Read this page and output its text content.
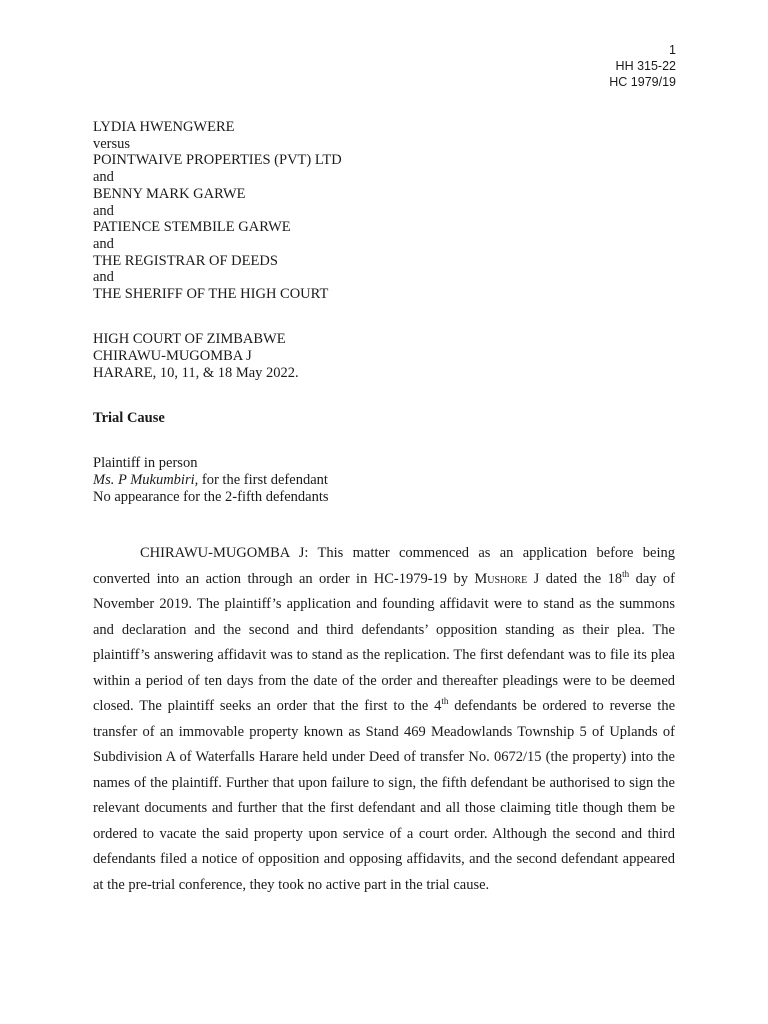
1
HH 315-22
HC 1979/19
LYDIA HWENGWERE
versus
POINTWAIVE PROPERTIES (PVT) LTD
and
BENNY MARK GARWE
and
PATIENCE STEMBILE GARWE
and
THE REGISTRAR OF DEEDS
and
THE SHERIFF OF THE HIGH COURT
HIGH COURT OF ZIMBABWE
CHIRAWU-MUGOMBA J
HARARE, 10, 11, & 18 May 2022.
Trial Cause
Plaintiff in person
Ms. P Mukumbiri, for the first defendant
No appearance for the 2-fifth defendants

CHIRAWU-MUGOMBA J: This matter commenced as an application before being converted into an action through an order in HC-1979-19 by Mushore J dated the 18th day of November 2019. The plaintiff’s application and founding affidavit were to stand as the summons and declaration and the second and third defendants’ opposition standing as their plea. The plaintiff’s answering affidavit was to stand as the replication. The first defendant was to file its plea within a period of ten days from the date of the order and thereafter pleadings were to be deemed closed. The plaintiff seeks an order that the first to the 4th defendants be ordered to reverse the transfer of an immovable property known as Stand 469 Meadowlands Township 5 of Uplands of Subdivision A of Waterfalls Harare held under Deed of transfer No. 0672/15 (the property) into the names of the plaintiff. Further that upon failure to sign, the fifth defendant be authorised to sign the relevant documents and further that the first defendant and all those claiming title though them be ordered to vacate the said property upon service of a court order. Although the second and third defendants filed a notice of opposition and opposing affidavits, and the second defendant appeared at the pre-trial conference, they took no active part in the trial cause.
